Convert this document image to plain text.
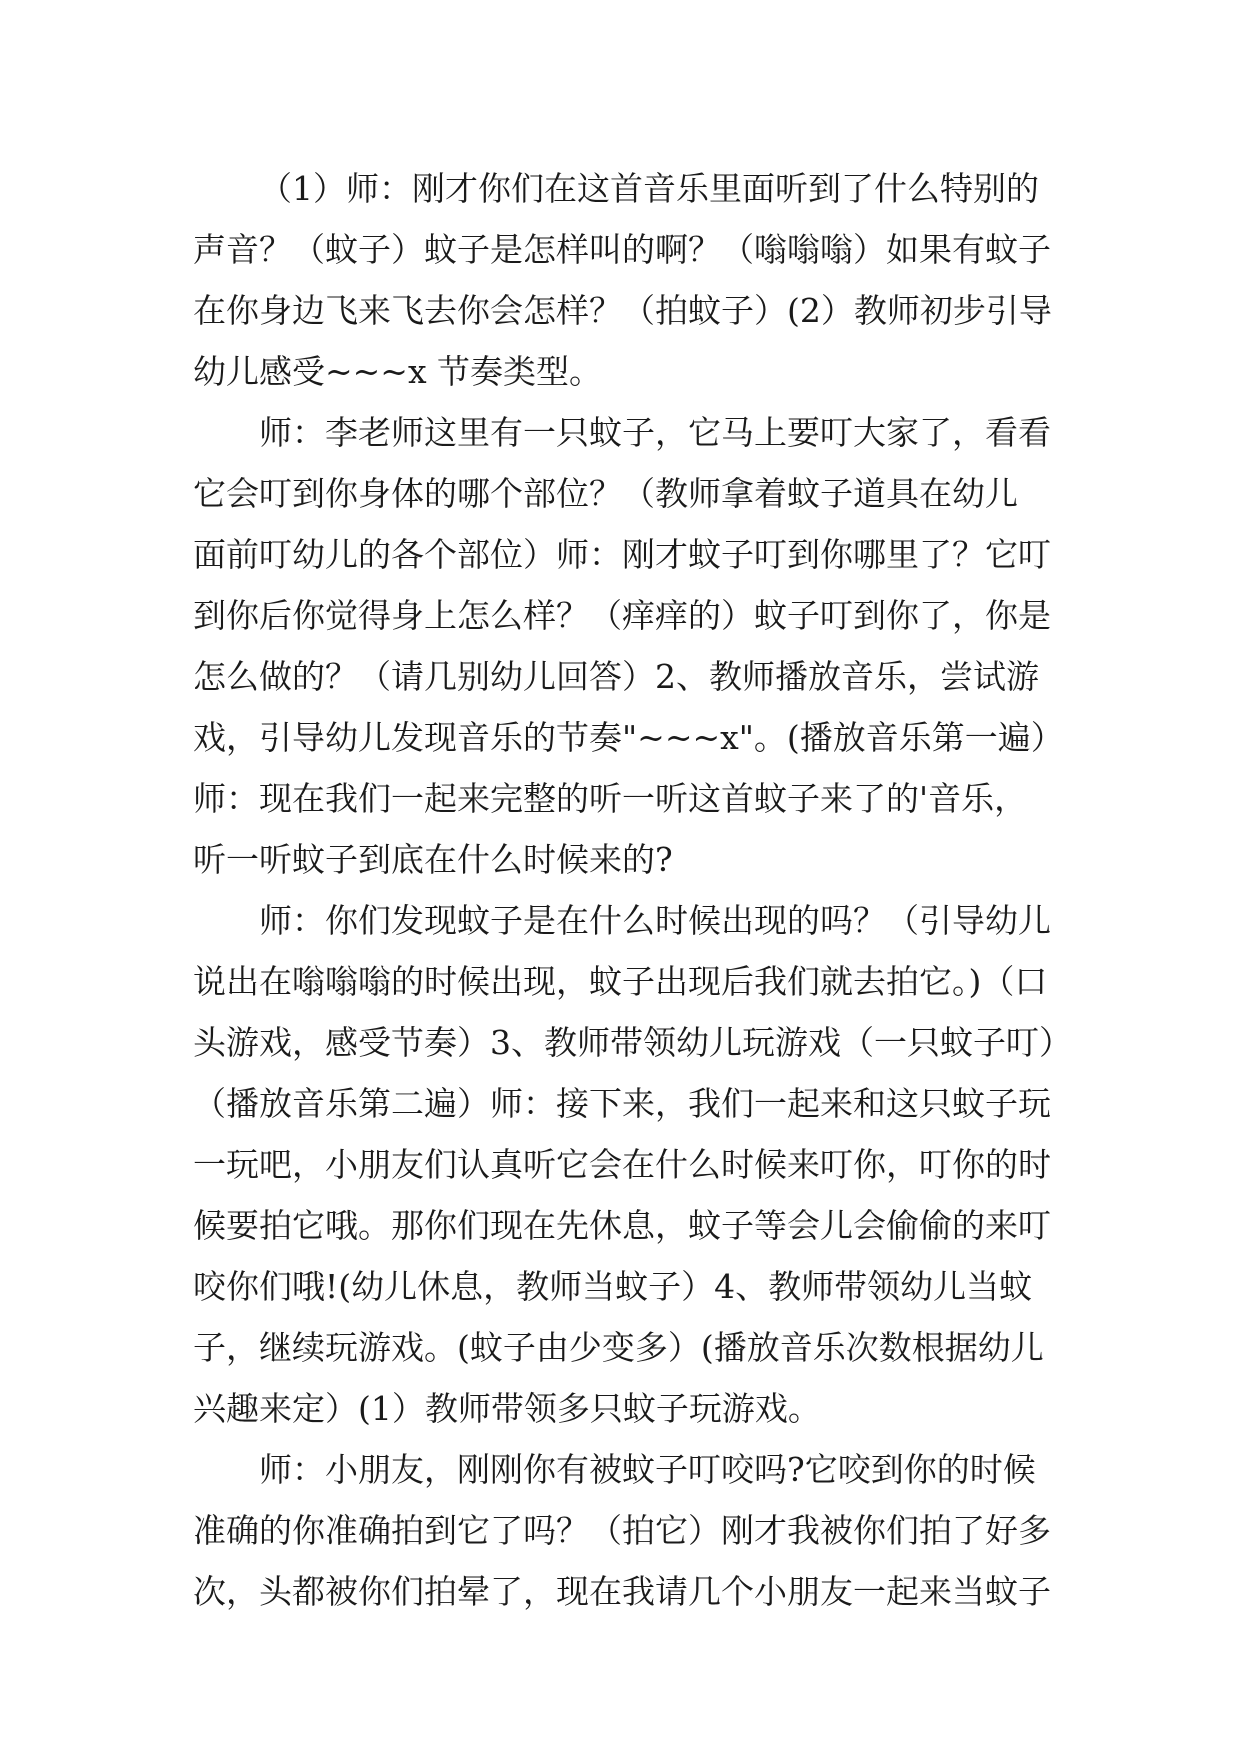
（1）师：刚才你们在这首音乐里面听到了什么特别的
声音？（蚊子）蚊子是怎样叫的啊？（嗡嗡嗡）如果有蚊子
在你身边飞来飞去你会怎样？（拍蚊子）(2）教师初步引导
幼儿感受~~~x 节奏类型。

师：李老师这里有一只蚊子，它马上要叮大家了，看看
它会叮到你身体的哪个部位？（教师拿着蚊子道具在幼儿
面前叮幼儿的各个部位）师：刚才蚊子叮到你哪里了？它叮
到你后你觉得身上怎么样？（痒痒的）蚊子叮到你了，你是
怎么做的？（请几别幼儿回答）2、教师播放音乐，尝试游
戏，引导幼儿发现音乐的节奏"~~~x"。(播放音乐第一遍）
师：现在我们一起来完整的听一听这首蚊子来了的'音乐，
听一听蚊子到底在什么时候来的?

师：你们发现蚊子是在什么时候出现的吗？（引导幼儿
说出在嗡嗡嗡的时候出现，蚊子出现后我们就去拍它。)（口
头游戏，感受节奏）3、教师带领幼儿玩游戏（一只蚊子叮）
（播放音乐第二遍）师：接下来，我们一起来和这只蚊子玩
一玩吧，小朋友们认真听它会在什么时候来叮你，叮你的时
候要拍它哦。那你们现在先休息，蚊子等会儿会偷偷的来叮
咬你们哦!(幼儿休息，教师当蚊子）4、教师带领幼儿当蚊
子，继续玩游戏。(蚊子由少变多）(播放音乐次数根据幼儿
兴趣来定）(1）教师带领多只蚊子玩游戏。

师：小朋友，刚刚你有被蚊子叮咬吗?它咬到你的时候
准确的你准确拍到它了吗？（拍它）刚才我被你们拍了好多
次，头都被你们拍晕了，现在我请几个小朋友一起来当蚊子
